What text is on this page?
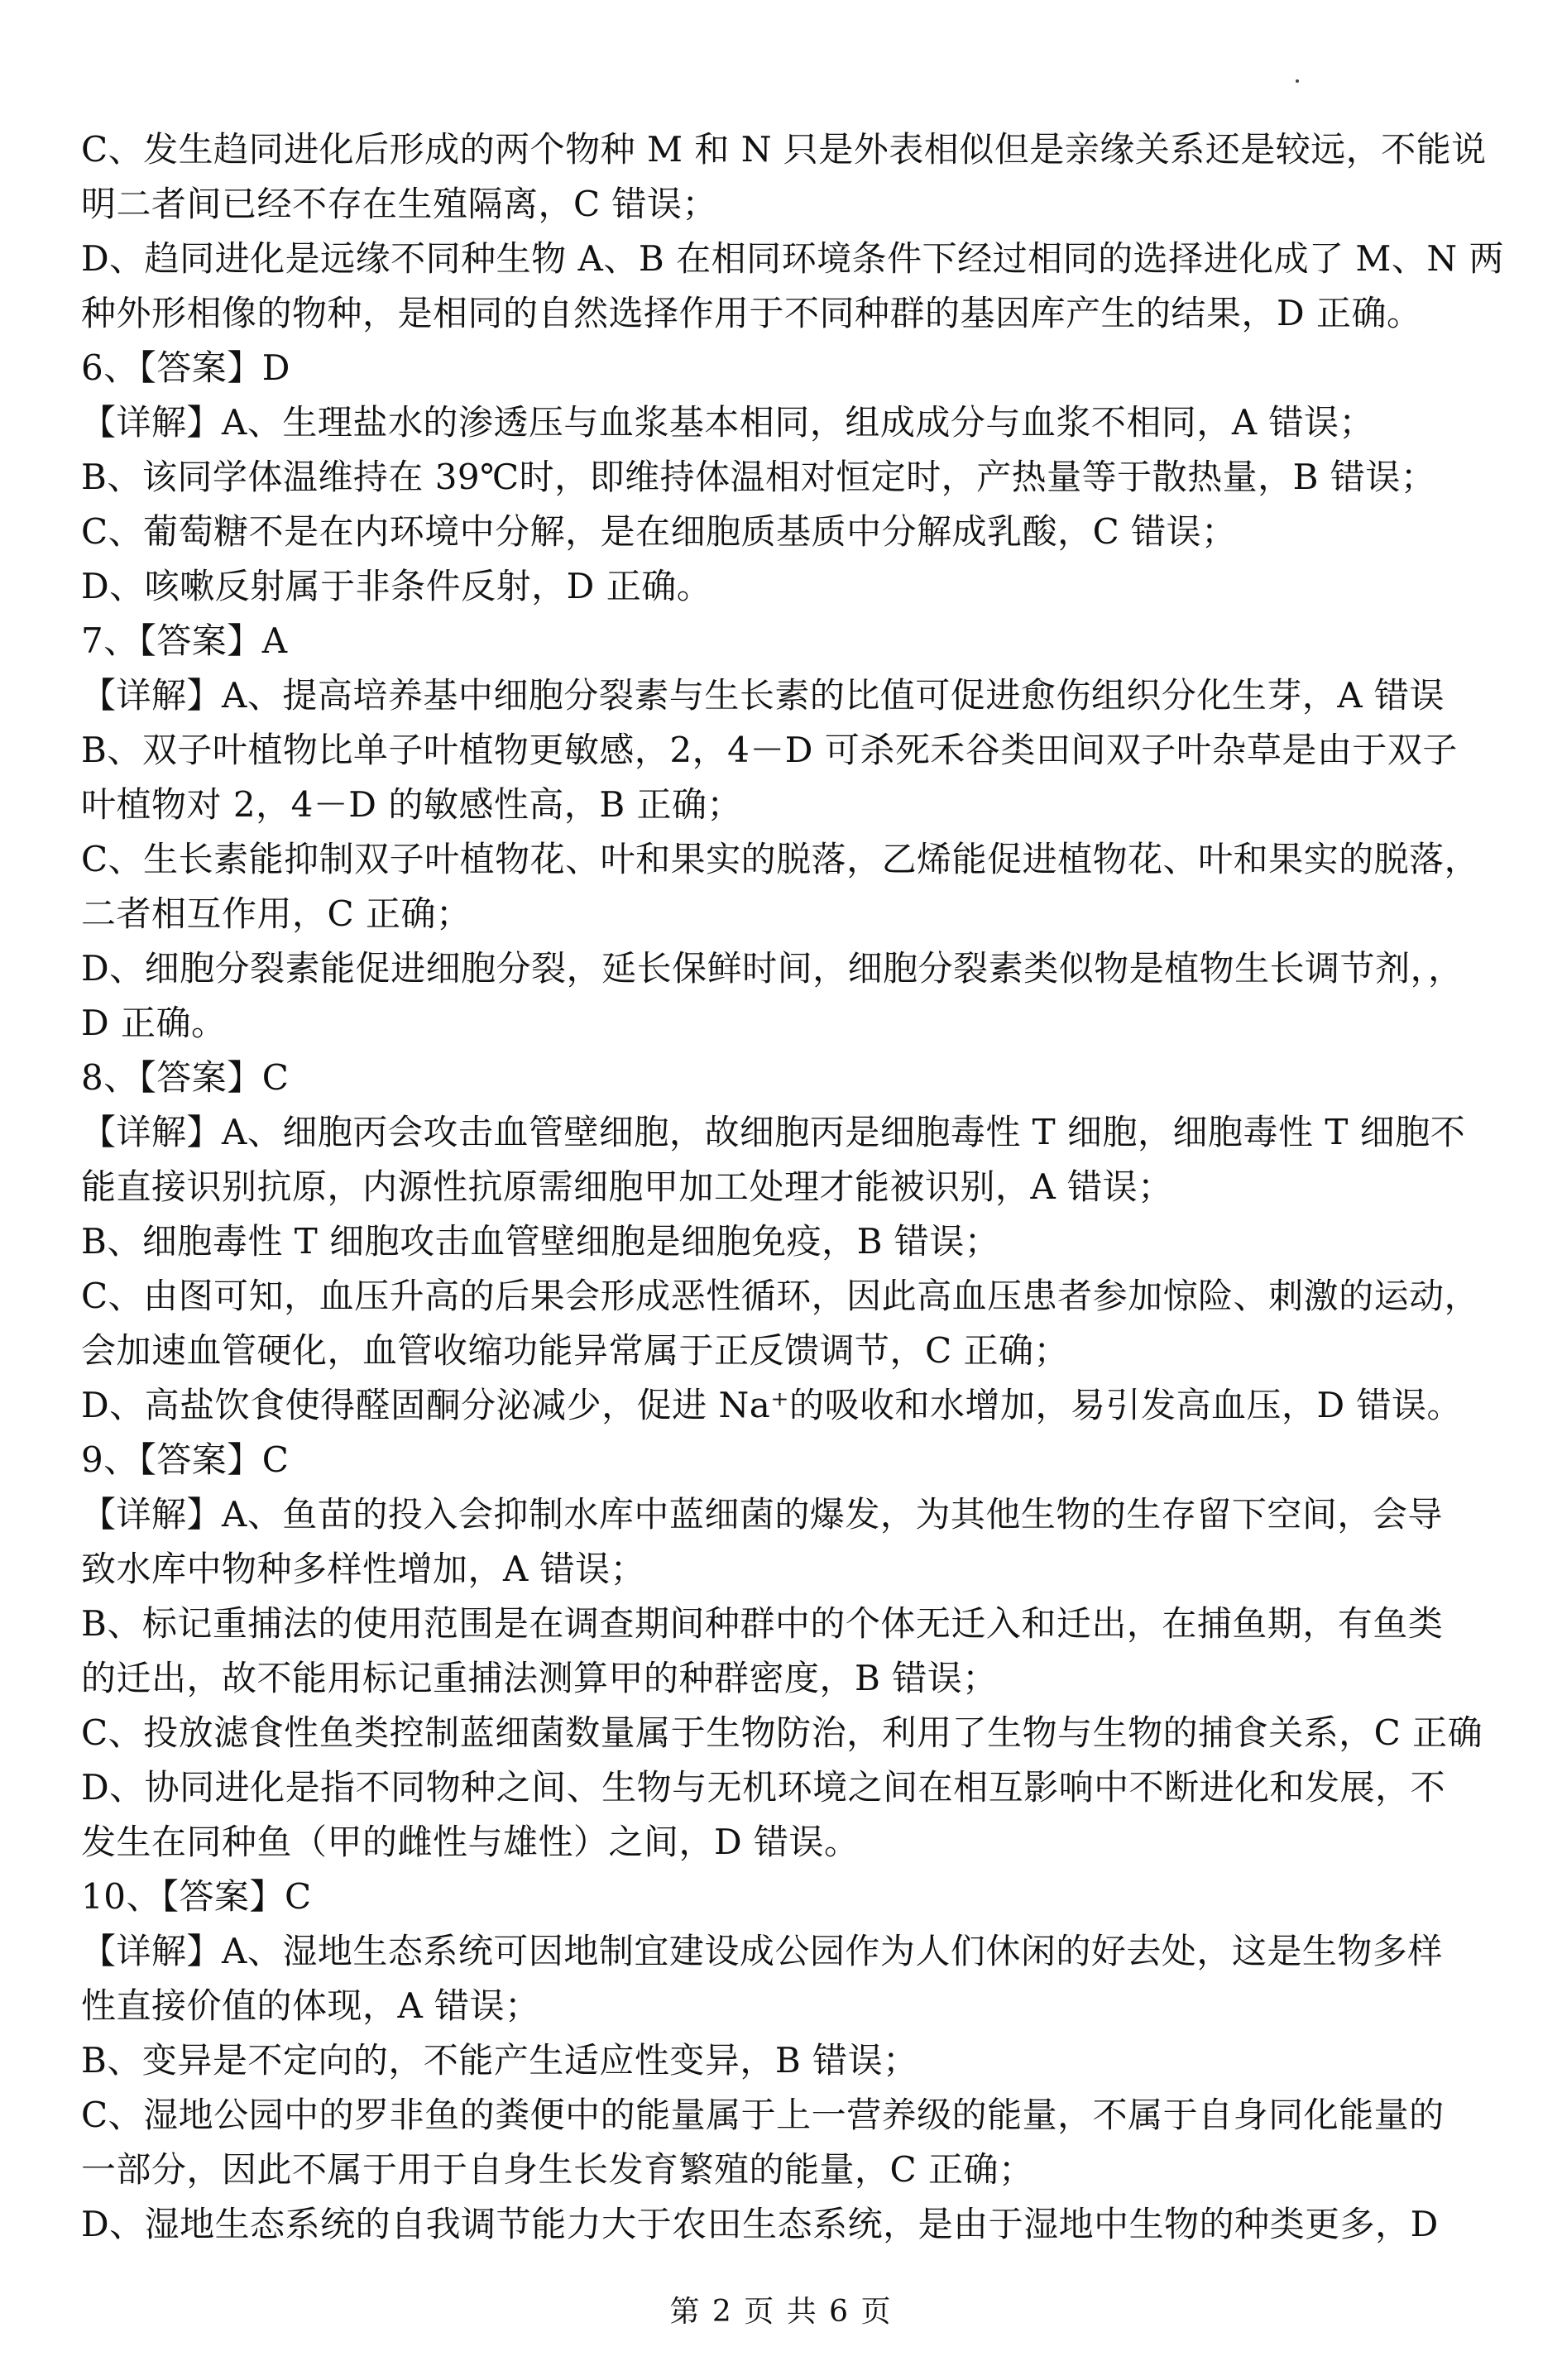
C、发生趋同进化后形成的两个物种 M 和 N 只是外表相似但是亲缘关系还是较远，不能说

明二者间已经不存在生殖隔离，C 错误；

D、趋同进化是远缘不同种生物 A、B 在相同环境条件下经过相同的选择进化成了 M、N 两

种外形相像的物种，是相同的自然选择作用于不同种群的基因库产生的结果，D 正确。

6、【答案】D

【详解】A、生理盐水的渗透压与血浆基本相同，组成成分与血浆不相同，A 错误；

B、该同学体温维持在 39℃时，即维持体温相对恒定时，产热量等于散热量，B 错误；

C、葡萄糖不是在内环境中分解，是在细胞质基质中分解成乳酸，C 错误；

D、咳嗽反射属于非条件反射，D 正确。

7、【答案】A

【详解】A、提高培养基中细胞分裂素与生长素的比值可促进愈伤组织分化生芽，A 错误

B、双子叶植物比单子叶植物更敏感，2，4－D 可杀死禾谷类田间双子叶杂草是由于双子

叶植物对 2，4－D 的敏感性高，B 正确；

C、生长素能抑制双子叶植物花、叶和果实的脱落，乙烯能促进植物花、叶和果实的脱落，

二者相互作用，C 正确；

D、细胞分裂素能促进细胞分裂，延长保鲜时间，细胞分裂素类似物是植物生长调节剂，，

D 正确。

8、【答案】C

【详解】A、细胞丙会攻击血管壁细胞，故细胞丙是细胞毒性 T 细胞，细胞毒性 T 细胞不

能直接识别抗原，内源性抗原需细胞甲加工处理才能被识别，A 错误；

B、细胞毒性 T 细胞攻击血管壁细胞是细胞免疫，B 错误；

C、由图可知，血压升高的后果会形成恶性循环，因此高血压患者参加惊险、刺激的运动，

会加速血管硬化，血管收缩功能异常属于正反馈调节，C 正确；

D、高盐饮食使得醛固酮分泌减少，促进 Na⁺的吸收和水增加，易引发高血压，D 错误。

9、【答案】C

【详解】A、鱼苗的投入会抑制水库中蓝细菌的爆发，为其他生物的生存留下空间，会导

致水库中物种多样性增加，A 错误；

B、标记重捕法的使用范围是在调查期间种群中的个体无迁入和迁出，在捕鱼期，有鱼类

的迁出，故不能用标记重捕法测算甲的种群密度，B 错误；

C、投放滤食性鱼类控制蓝细菌数量属于生物防治，利用了生物与生物的捕食关系，C 正确

D、协同进化是指不同物种之间、生物与无机环境之间在相互影响中不断进化和发展，不

发生在同种鱼（甲的雌性与雄性）之间，D 错误。

10、【答案】C

【详解】A、湿地生态系统可因地制宜建设成公园作为人们休闲的好去处，这是生物多样

性直接价值的体现，A 错误；

B、变异是不定向的，不能产生适应性变异，B 错误；

C、湿地公园中的罗非鱼的粪便中的能量属于上一营养级的能量，不属于自身同化能量的

一部分，因此不属于用于自身生长发育繁殖的能量，C 正确；

D、湿地生态系统的自我调节能力大于农田生态系统，是由于湿地中生物的种类更多，D

第 2 页 共 6 页
